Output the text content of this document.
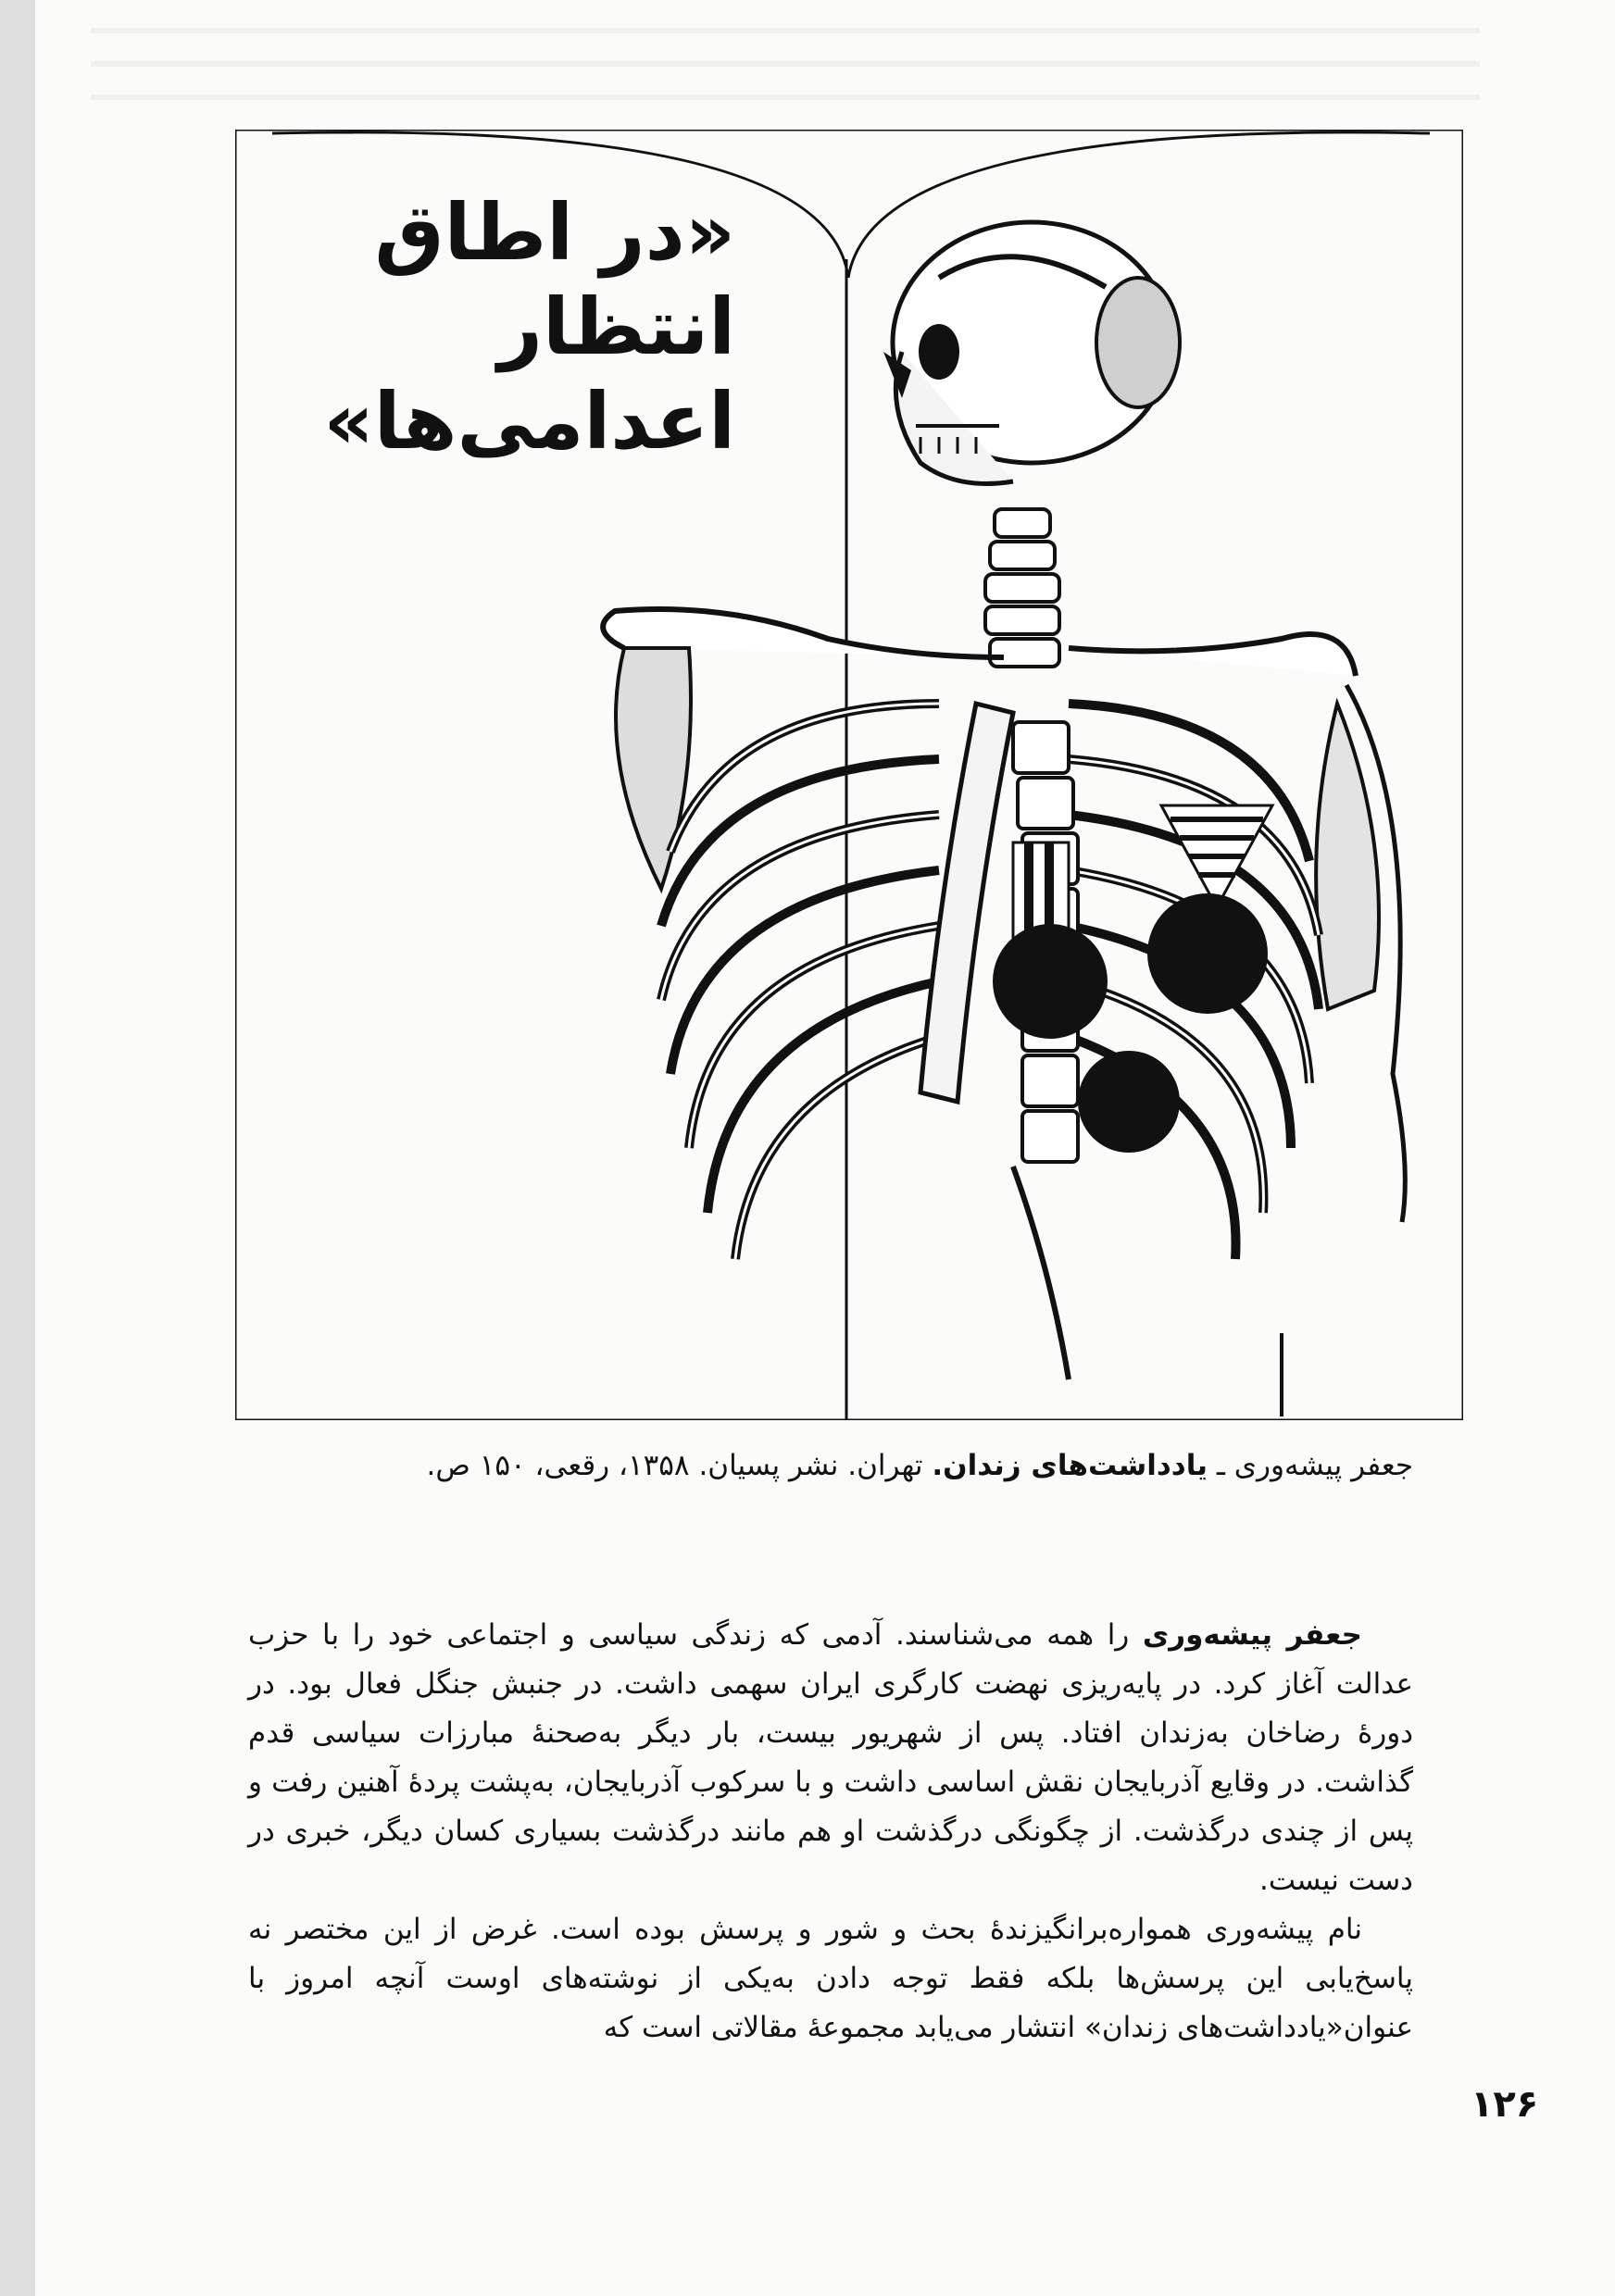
«در اطاق
انتظار
اعدامی‌ها»
جعفر پیشه‌وری ـ یادداشت‌های زندان. تهران. نشر پسیان. ۱۳۵۸، رقعی، ۱۵۰ ص.

جعفر پیشه‌وری را همه می‌شناسند. آدمی که زندگی سیاسی و اجتماعی خود را با حزب عدالت آغاز کرد. در پایه‌ریزی نهضت کارگری ایران سهمی داشت. در جنبش جنگل فعال بود. در دورهٔ رضاخان به‌زندان افتاد. پس از شهریور بیست، بار دیگر به‌صحنهٔ مبارزات سیاسی قدم گذاشت. در وقایع آذربایجان نقش اساسی داشت و با سرکوب آذربایجان، به‌پشت پردهٔ آهنین رفت و پس از چندی درگذشت. از چگونگی درگذشت او هم مانند درگذشت بسیاری کسان دیگر، خبری در دست نیست.

نام پیشه‌وری همواره‌برانگیزندهٔ بحث و شور و پرسش بوده است. غرض از این مختصر نه پاسخ‌یابی این پرسش‌ها بلکه فقط توجه دادن به‌یکی از نوشته‌های اوست آنچه امروز با عنوان«یادداشت‌های زندان» انتشار می‌یابد مجموعهٔ مقالاتی است که

۱۲۶
